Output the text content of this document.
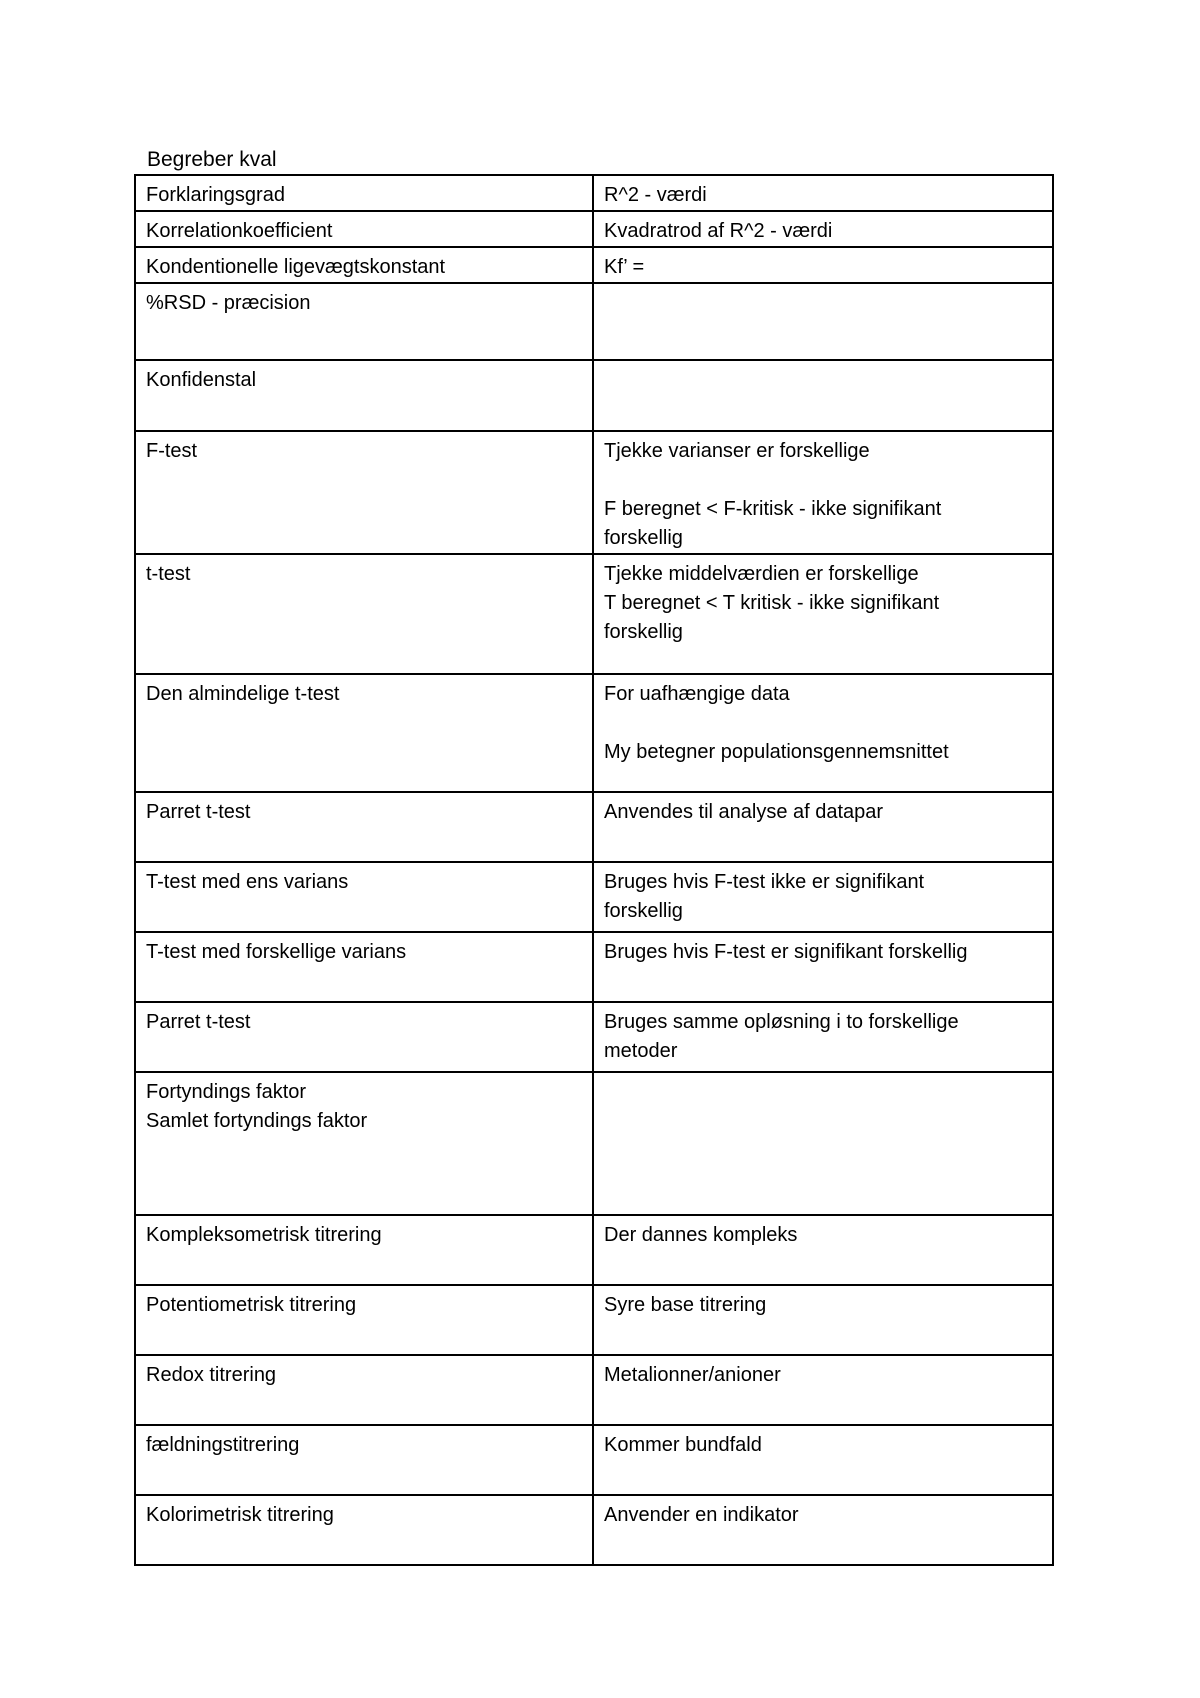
Begreber kval
Forklaringsgrad	R^2 - værdi

Korrelationkoefficient	Kvadratrod af R^2 - værdi

Kondentionelle ligevægtskonstant	Kf’ =

%RSD - præcision	

Konfidenstal	

F-test	Tjekke varianser er forskellige
F beregnet < F-kritisk - ikke signifikant
forskellig

t-test	Tjekke middelværdien er forskellige
T beregnet < T kritisk - ikke signifikant
forskellig

Den almindelige t-test	For uafhængige data
My betegner populationsgennemsnittet

Parret t-test	Anvendes til analyse af datapar

T-test med ens varians	Bruges hvis F-test ikke er signifikant
forskellig

T-test med forskellige varians	Bruges hvis F-test er signifikant forskellig

Parret t-test	Bruges samme opløsning i to forskellige
metoder

Fortyndings faktor
Samlet fortyndings faktor	

Kompleksometrisk titrering	Der dannes kompleks

Potentiometrisk titrering	Syre base titrering

Redox titrering	Metalionner/anioner

fældningstitrering	Kommer bundfald

Kolorimetrisk titrering	Anvender en indikator
